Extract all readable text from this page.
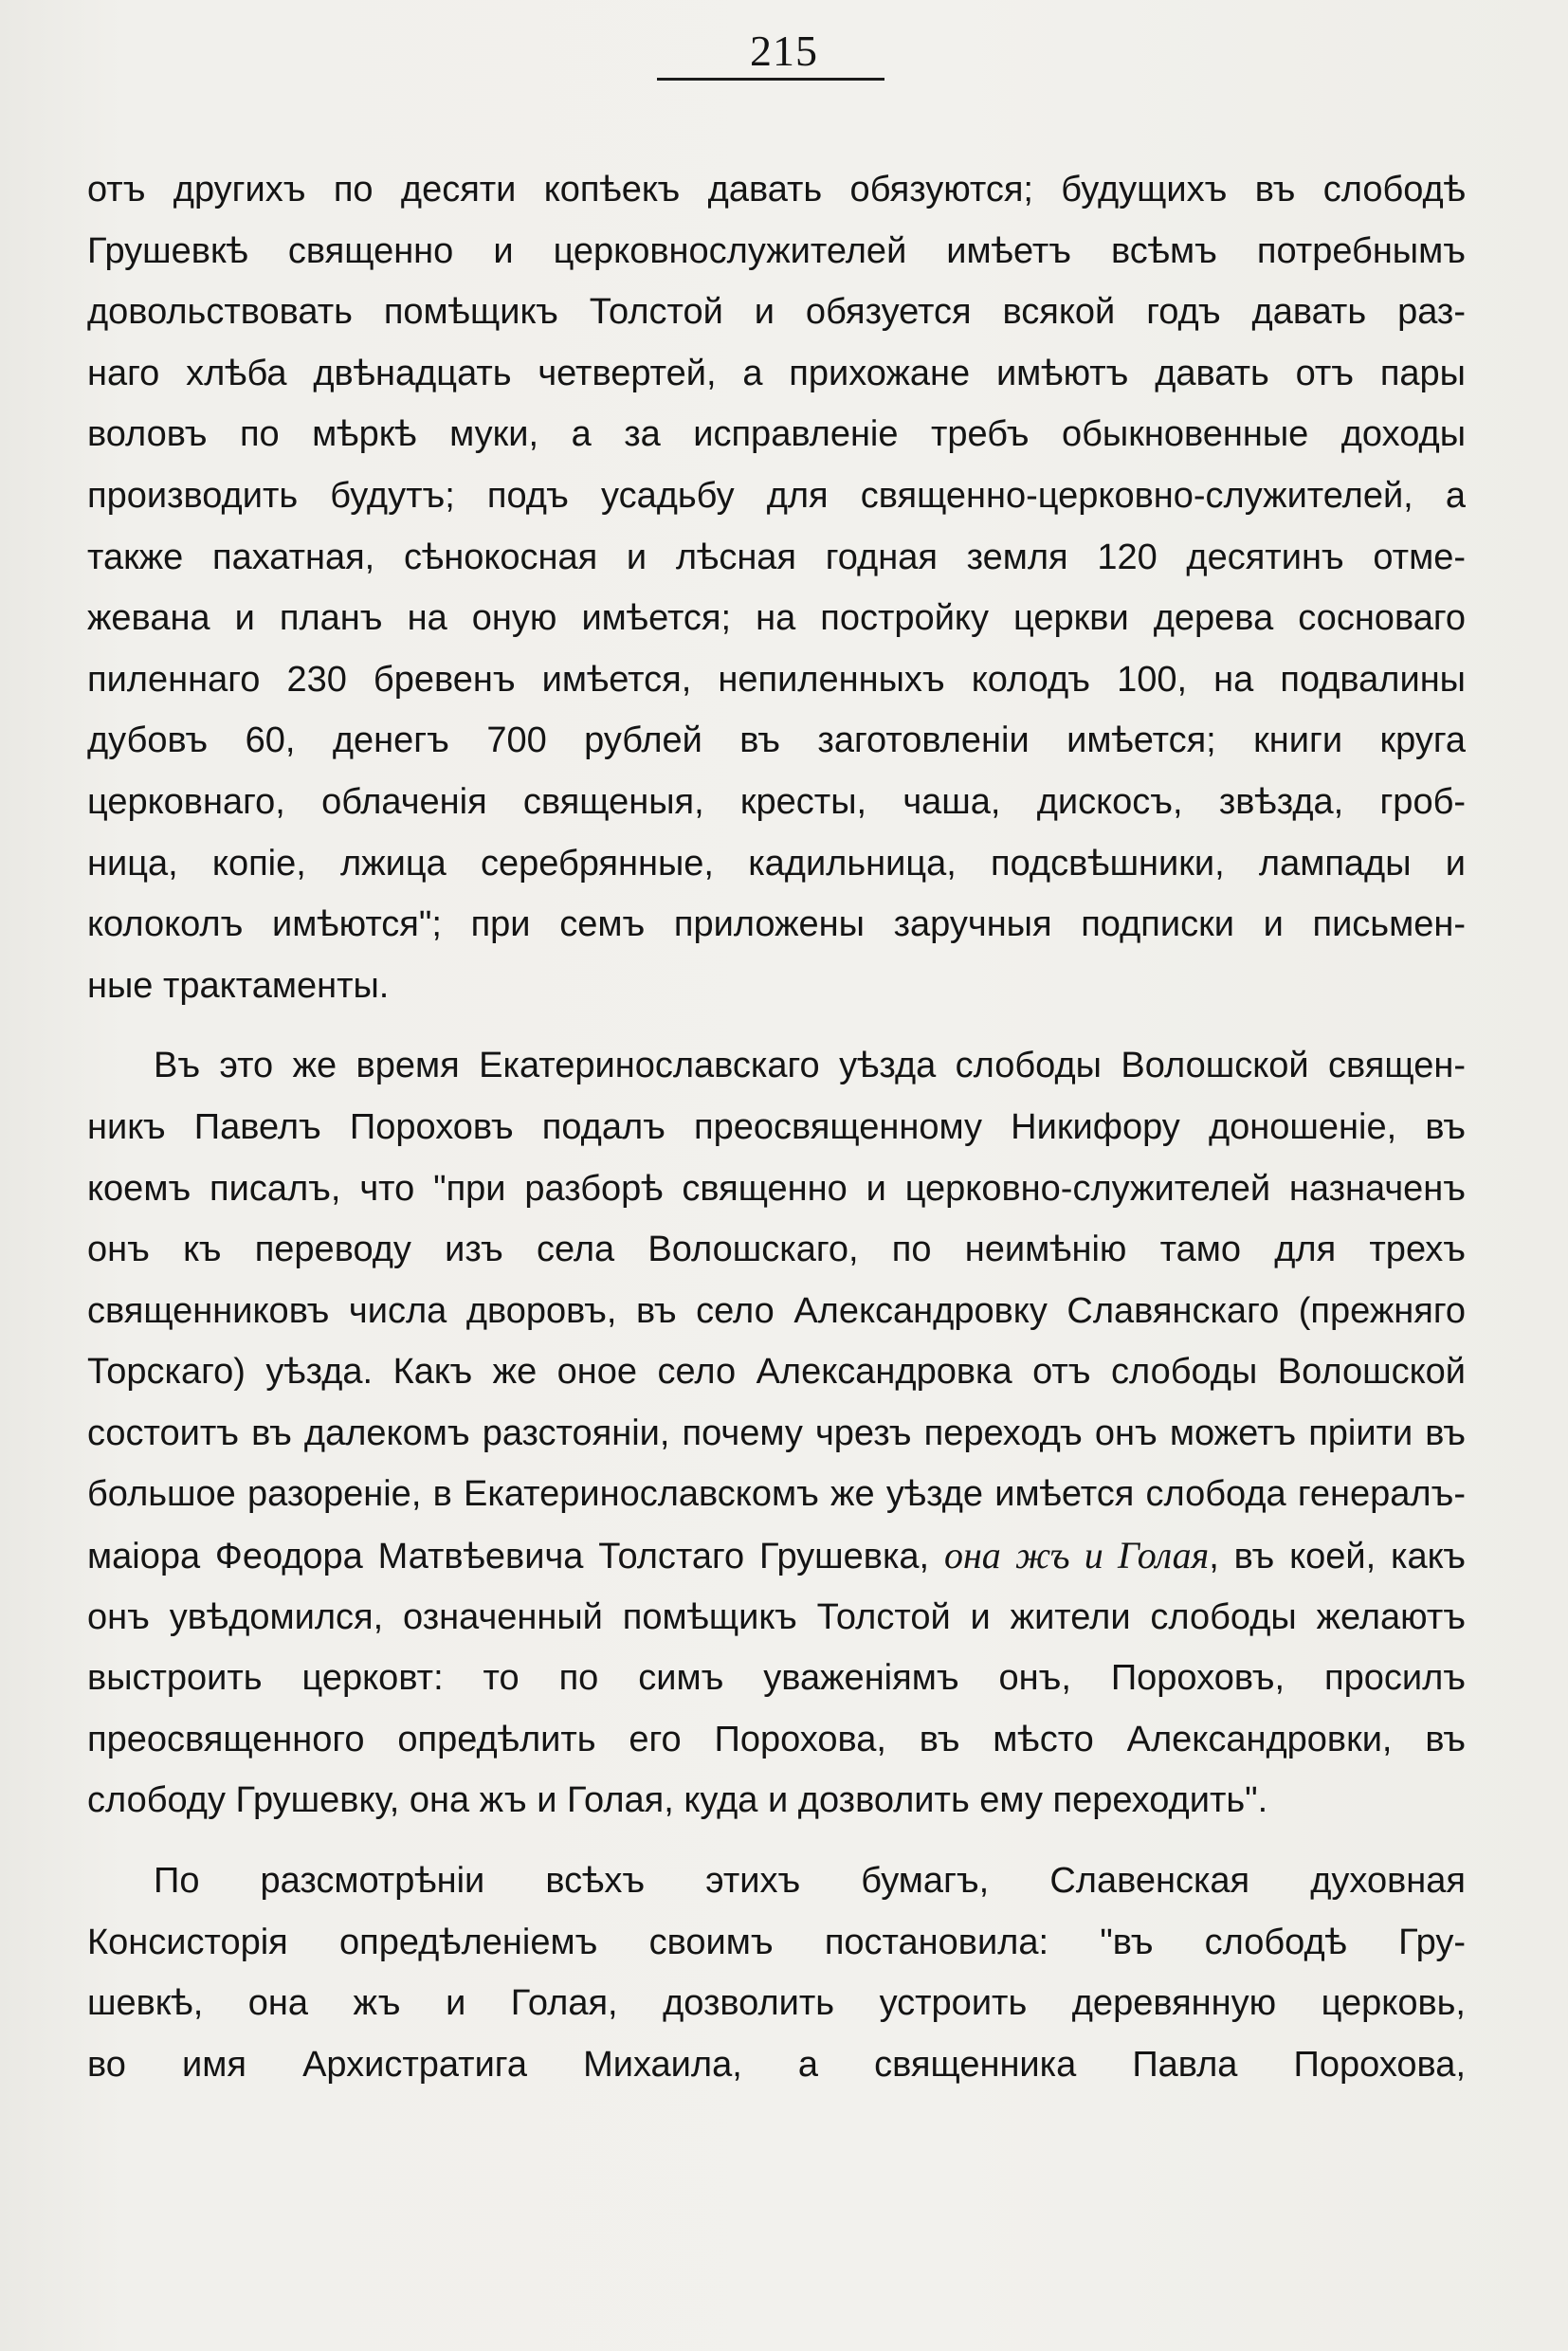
215
отъ другихъ по десяти копѣекъ давать обязуются; будущихъ въ слободѣ
Грушевкѣ священно и церковнослужителей имѣетъ всѣмъ потребнымъ
довольствовать помѣщикъ Толстой и обязуется всякой годъ давать раз-
наго хлѣба двѣнадцать четвертей, а прихожане имѣютъ давать отъ пары
воловъ по мѣркѣ муки, а за исправленіе требъ обыкновенные доходы
производить будутъ; подъ усадьбу для священно-церковно-служителей, а
также пахатная, сѣнокосная и лѣсная годная земля 120 десятинъ отме-
жевана и планъ на оную имѣется; на постройку церкви дерева сосноваго
пиленнаго 230 бревенъ имѣется, непиленныхъ колодъ 100, на подвалины
дубовъ 60, денегъ 700 рублей въ заготовленіи имѣется; книги круга
церковнаго, облаченія священыя, кресты, чаша, дискосъ, звѣзда, гроб-
ница, копіе, лжица серебрянные, кадильница, подсвѣшники, лампады и
колоколъ имѣются"; при семъ приложены заручныя подписки и письмен-
ные трактаменты.
Въ это же время Екатеринославскаго уѣзда слободы Волошской священ-
никъ Павелъ Пороховъ подалъ преосвященному Никифору доношеніе, въ
коемъ писалъ, что "при разборѣ священно и церковно-служителей назначенъ
онъ къ переводу изъ села Волошскаго, по неимѣнію тамо для трехъ
священниковъ числа дворовъ, въ село Александровку Славянскаго (прежняго
Торскаго) уѣзда. Какъ же оное село Александровка отъ слободы Волошской
состоитъ въ далекомъ разстояніи, почему чрезъ переходъ онъ можетъ пріити въ
большое разореніе, в Екатеринославскомъ же уѣзде имѣется слобода генералъ-
маіора Феодора Матвѣевича Толстаго Грушевка, она жъ и Голая, въ коей, какъ
онъ увѣдомился, означенный помѣщикъ Толстой и жители слободы желаютъ
выстроить церковт: то по симъ уваженіямъ онъ, Пороховъ, просилъ
преосвященного опредѣлить его Порохова, въ мѣсто Александровки, въ
слободу Грушевку, она жъ и Голая, куда и дозволить ему переходить".
По разсмотрѣніи всѣхъ этихъ бумагъ, Славенская духовная
Консисторія опредѣленіемъ своимъ постановила: "въ слободѣ Гру-
шевкѣ, она жъ и Голая, дозволить устроить деревянную церковь,
во имя Архистратига Михаила, а священника Павла Порохова,
